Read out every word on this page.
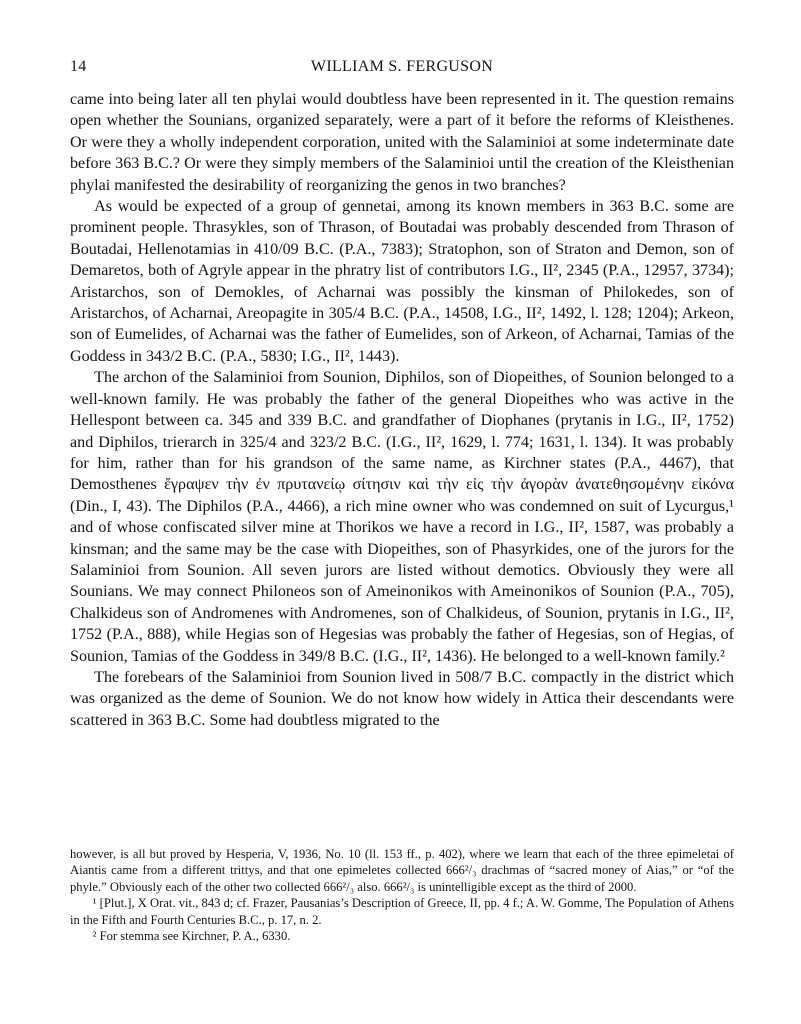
14	WILLIAM S. FERGUSON

came into being later all ten phylai would doubtless have been represented in it. The question remains open whether the Sounians, organized separately, were a part of it before the reforms of Kleisthenes. Or were they a wholly independent corporation, united with the Salaminioi at some indeterminate date before 363 B.C.? Or were they simply members of the Salaminioi until the creation of the Kleisthenian phylai manifested the desirability of reorganizing the genos in two branches?

As would be expected of a group of gennetai, among its known members in 363 B.C. some are prominent people. Thrasykles, son of Thrason, of Boutadai was probably descended from Thrason of Boutadai, Hellenotamias in 410/09 B.C. (P.A., 7383); Stratophon, son of Straton and Demon, son of Demaretos, both of Agryle appear in the phratry list of contributors I.G., II², 2345 (P.A., 12957, 3734); Aristarchos, son of Demokles, of Acharnai was possibly the kinsman of Philokedes, son of Aristarchos, of Acharnai, Areopagite in 305/4 B.C. (P.A., 14508, I.G., II², 1492, l. 128; 1204); Arkeon, son of Eumelides, of Acharnai was the father of Eumelides, son of Arkeon, of Acharnai, Tamias of the Goddess in 343/2 B.C. (P.A., 5830; I.G., II², 1443).

The archon of the Salaminioi from Sounion, Diphilos, son of Diopeithes, of Sounion belonged to a well-known family. He was probably the father of the general Diopeithes who was active in the Hellespont between ca. 345 and 339 B.C. and grandfather of Diophanes (prytanis in I.G., II², 1752) and Diphilos, trierarch in 325/4 and 323/2 B.C. (I.G., II², 1629, l. 774; 1631, l. 134). It was probably for him, rather than for his grandson of the same name, as Kirchner states (P.A., 4467), that Demosthenes ἔγραψεν τὴν ἐν πρυτανείῳ σίτησιν καὶ τὴν εἰς τὴν ἀγορὰν ἀνατεθησομένην εἰκόνα (Din., I, 43). The Diphilos (P.A., 4466), a rich mine owner who was condemned on suit of Lycurgus,¹ and of whose confiscated silver mine at Thorikos we have a record in I.G., II², 1587, was probably a kinsman; and the same may be the case with Diopeithes, son of Phasyrkides, one of the jurors for the Salaminioi from Sounion. All seven jurors are listed without demotics. Obviously they were all Sounians. We may connect Philoneos son of Ameinonikos with Ameinonikos of Sounion (P.A., 705), Chalkideus son of Andromenes with Andromenes, son of Chalkideus, of Sounion, prytanis in I.G., II², 1752 (P.A., 888), while Hegias son of Hegesias was probably the father of Hegesias, son of Hegias, of Sounion, Tamias of the Goddess in 349/8 B.C. (I.G., II², 1436). He belonged to a well-known family.²

The forebears of the Salaminioi from Sounion lived in 508/7 B.C. compactly in the district which was organized as the deme of Sounion. We do not know how widely in Attica their descendants were scattered in 363 B.C. Some had doubtless migrated to the

however, is all but proved by Hesperia, V, 1936, No. 10 (ll. 153 ff., p. 402), where we learn that each of the three epimeletai of Aiantis came from a different trittys, and that one epimeletes collected 666²/₃ drachmas of “sacred money of Aias,” or “of the phyle.” Obviously each of the other two collected 666²/₃ also. 666²/₃ is unintelligible except as the third of 2000.

¹ [Plut.], X Orat. vit., 843 d; cf. Frazer, Pausanias’s Description of Greece, II, pp. 4 f.; A. W. Gomme, The Population of Athens in the Fifth and Fourth Centuries B.C., p. 17, n. 2.

² For stemma see Kirchner, P. A., 6330.
